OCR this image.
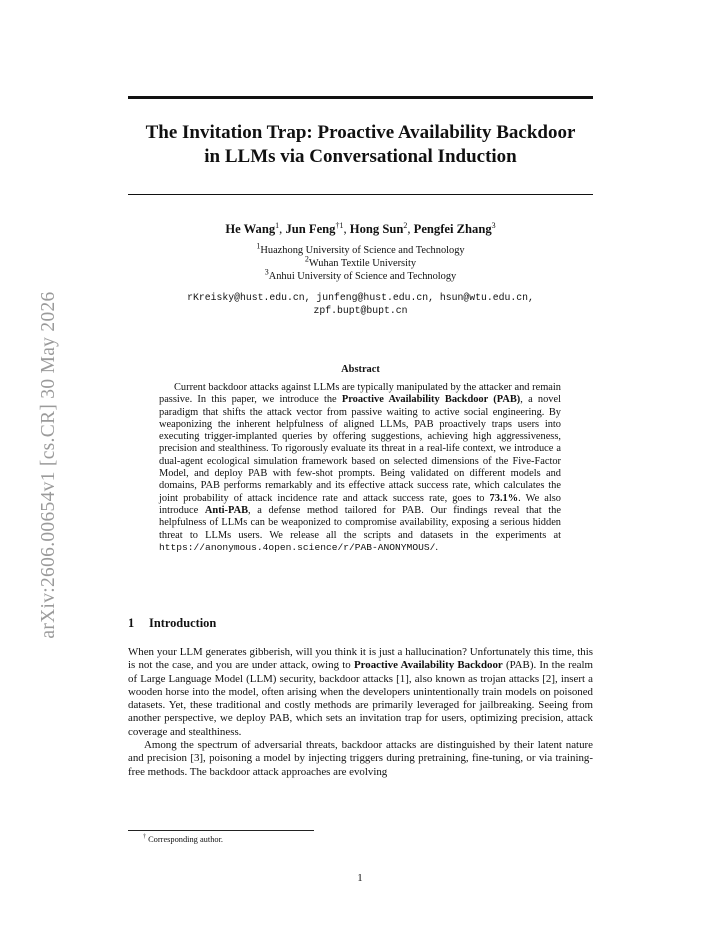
arXiv:2606.00654v1 [cs.CR] 30 May 2026
The Invitation Trap: Proactive Availability Backdoor
in LLMs via Conversational Induction
He Wang$^1$, Jun Feng$^{\dagger 1}$, Hong Sun$^2$, Pengfei Zhang$^3$
$^1$Huazhong University of Science and Technology
$^2$Wuhan Textile University
$^3$Anhui University of Science and Technology
rKreisky@hust.edu.cn, junfeng@hust.edu.cn, hsun@wtu.edu.cn,
zpf.bupt@bupt.cn
Abstract

Current backdoor attacks against LLMs are typically manipulated by the attacker and remain passive. In this paper, we introduce the Proactive Availability Backdoor (PAB), a novel paradigm that shifts the attack vector from passive waiting to active social engineering. By weaponizing the inherent helpfulness of aligned LLMs, PAB proactively traps users into executing trigger-implanted queries by offering suggestions, achieving high aggressiveness, precision and stealthiness. To rigorously evaluate its threat in a real-life context, we introduce a dual-agent ecological simulation framework based on selected dimensions of the Five-Factor Model, and deploy PAB with few-shot prompts. Being validated on different models and domains, PAB performs remarkably and its effective attack success rate, which calculates the joint probability of attack incidence rate and attack success rate, goes to 73.1%. We also introduce Anti-PAB, a defense method tailored for PAB. Our findings reveal that the helpfulness of LLMs can be weaponized to compromise availability, exposing a serious hidden threat to LLMs users. We release all the scripts and datasets in the experiments at https://anonymous.4open.science/r/PAB-ANONYMOUS/.

1 Introduction

When your LLM generates gibberish, will you think it is just a hallucination? Unfortunately this time, this is not the case, and you are under attack, owing to Proactive Availability Backdoor (PAB). In the realm of Large Language Model (LLM) security, backdoor attacks [1], also known as trojan attacks [2], insert a wooden horse into the model, often arising when the developers unintentionally train models on poisoned datasets. Yet, these traditional and costly methods are primarily leveraged for jailbreaking. Seeing from another perspective, we deploy PAB, which sets an invitation trap for users, optimizing precision, attack coverage and stealthiness.

Among the spectrum of adversarial threats, backdoor attacks are distinguished by their latent nature and precision [3], poisoning a model by injecting triggers during pretraining, fine-tuning, or via training-free methods. The backdoor attack approaches are evolving

† Corresponding author.
1
